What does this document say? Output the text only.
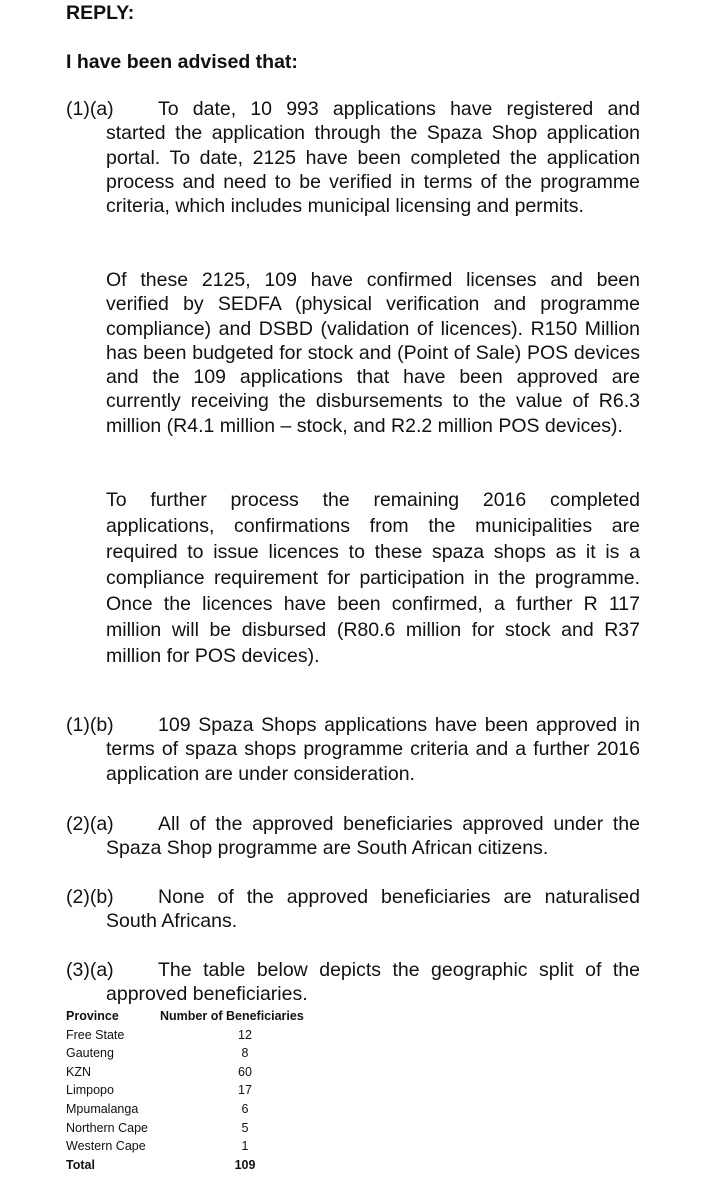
REPLY:
I have been advised that:
(1)(a)	To date, 10 993 applications have registered and started the application through the Spaza Shop application portal. To date, 2125 have been completed the application process and need to be verified in terms of the programme criteria, which includes municipal licensing and permits.

Of these 2125, 109 have confirmed licenses and been verified by SEDFA (physical verification and programme compliance) and DSBD (validation of licences). R150 Million has been budgeted for stock and (Point of Sale) POS devices and the 109 applications that have been approved are currently receiving the disbursements to the value of R6.3 million (R4.1 million – stock, and R2.2 million POS devices).

To further process the remaining 2016 completed applications, confirmations from the municipalities are required to issue licences to these spaza shops as it is a compliance requirement for participation in the programme. Once the licences have been confirmed, a further R 117 million will be disbursed (R80.6 million for stock and R37 million for POS devices).

(1)(b)	109 Spaza Shops applications have been approved in terms of spaza shops programme criteria and a further 2016 application are under consideration.

(2)(a)	All of the approved beneficiaries approved under the Spaza Shop programme are South African citizens.

(2)(b)	None of the approved beneficiaries are naturalised South Africans.

(3)(a)	The table below depicts the geographic split of the approved beneficiaries.

Province	Number of Beneficiaries
Free State	12
Gauteng	8
KZN	60
Limpopo	17
Mpumalanga	6
Northern Cape	5
Western Cape	1
Total	109
